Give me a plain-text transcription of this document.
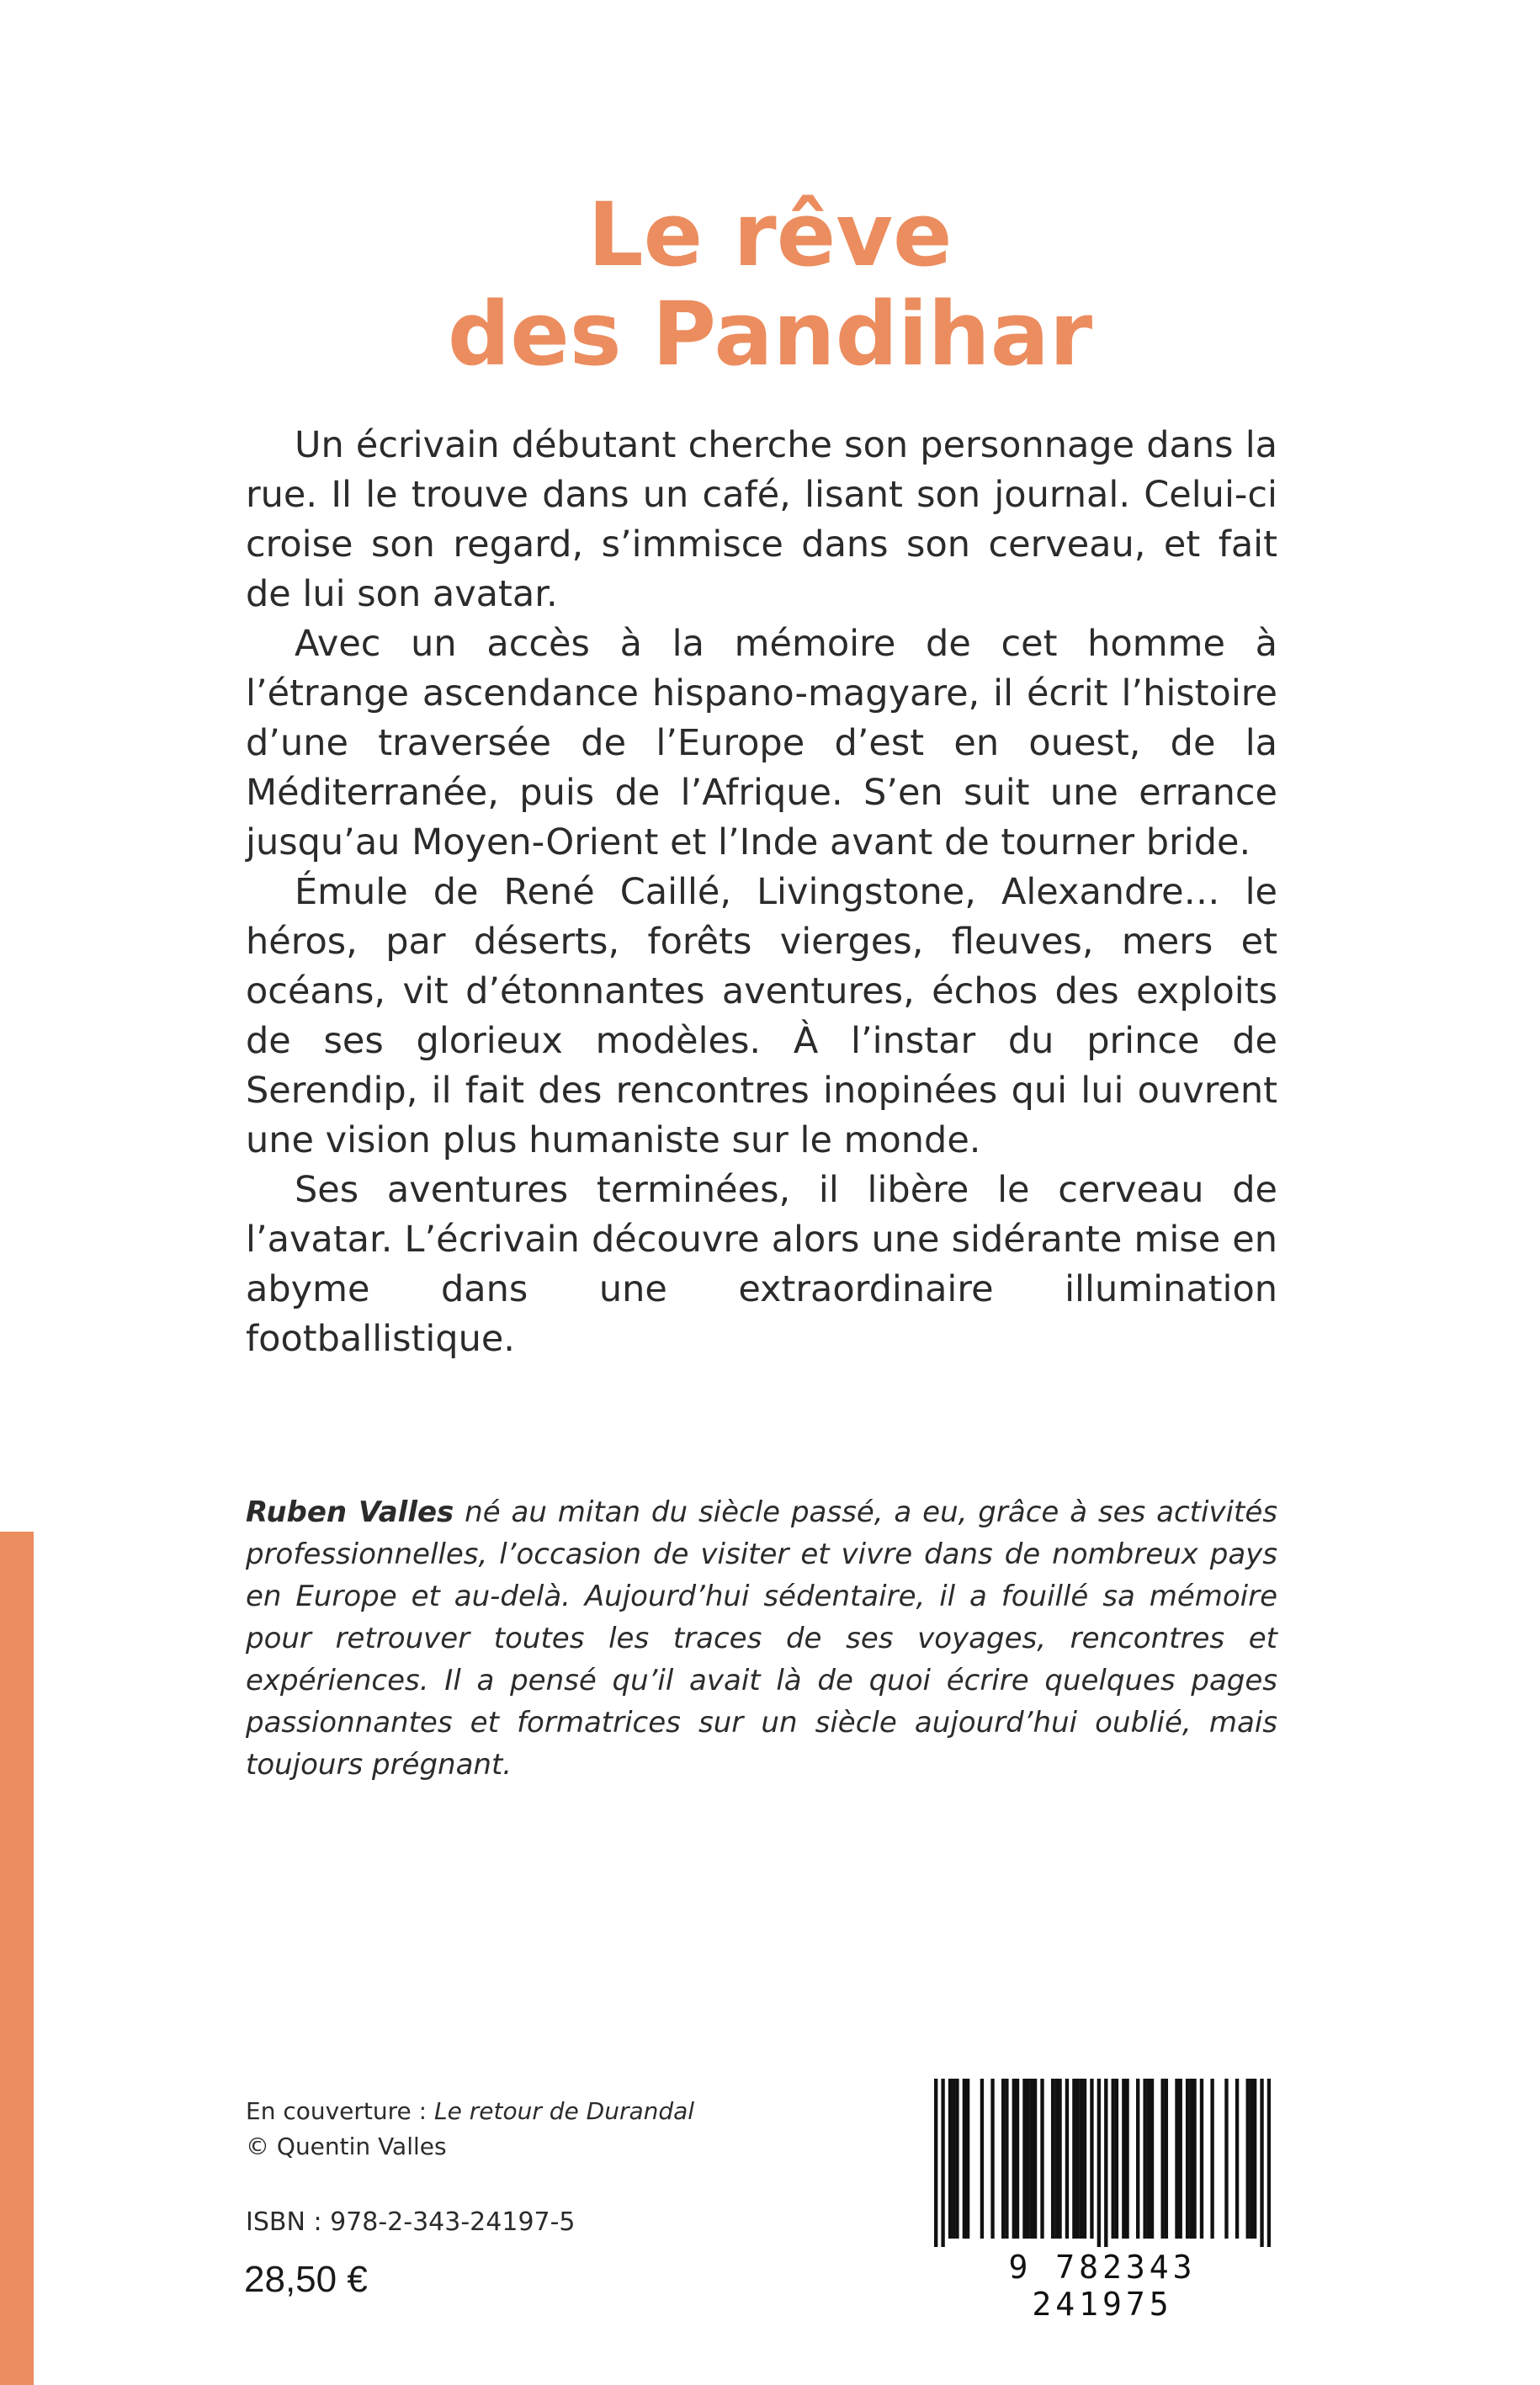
Le rêve
des Pandihar

Un écrivain débutant cherche son personnage dans la rue. Il le trouve dans un café, lisant son journal. Celui-ci croise son regard, s’immisce dans son cerveau, et fait de lui son avatar.

Avec un accès à la mémoire de cet homme à l’étrange ascendance hispano-magyare, il écrit l’histoire d’une traversée de l’Europe d’est en ouest, de la Méditerranée, puis de l’Afrique. S’en suit une errance jusqu’au Moyen-Orient et l’Inde avant de tourner bride.

Émule de René Caillé, Livingstone, Alexandre… le héros, par déserts, forêts vierges, fleuves, mers et océans, vit d’étonnantes aventures, échos des exploits de ses glorieux modèles. À l’instar du prince de Serendip, il fait des rencontres inopinées qui lui ouvrent une vision plus humaniste sur le monde.

Ses aventures terminées, il libère le cerveau de l’avatar. L’écrivain découvre alors une sidérante mise en abyme dans une extraordinaire illumination footballistique.

Ruben Valles né au mitan du siècle passé, a eu, grâce à ses activités professionnelles, l’occasion de visiter et vivre dans de nombreux pays en Europe et au-delà. Aujourd’hui sédentaire, il a fouillé sa mémoire pour retrouver toutes les traces de ses voyages, rencontres et expériences. Il a pensé qu’il avait là de quoi écrire quelques pages passionnantes et formatrices sur un siècle aujourd’hui oublié, mais toujours prégnant.
En couverture : Le retour de Durandal
© Quentin Valles
ISBN : 978-2-343-24197-5
28,50 €	9 782343 241975
